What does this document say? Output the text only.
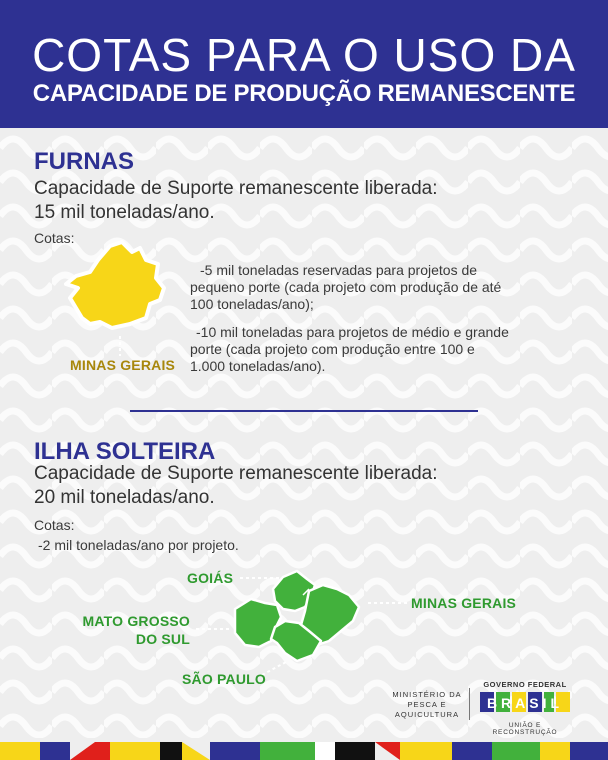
COTAS PARA O USO DA
CAPACIDADE DE PRODUÇÃO REMANESCENTE
FURNAS
Capacidade de Suporte remanescente liberada:
15 mil toneladas/ano.
Cotas:
MINAS GERAIS
-5 mil toneladas reservadas para projetos de
pequeno porte (cada projeto com produção de até
100 toneladas/ano);
-10 mil toneladas para projetos de médio e grande
porte (cada projeto com produção entre 100 e
1.000 toneladas/ano).
ILHA SOLTEIRA
Capacidade de Suporte remanescente liberada:
20 mil toneladas/ano.
Cotas:
-2 mil toneladas/ano por projeto.
GOIÁS
MINAS GERAIS
MATO GROSSO
DO SUL
SÃO PAULO
MINISTÉRIO DA
PESCA E
AQUICULTURA
GOVERNO FEDERAL
BRASIL
UNIÃO E RECONSTRUÇÃO
